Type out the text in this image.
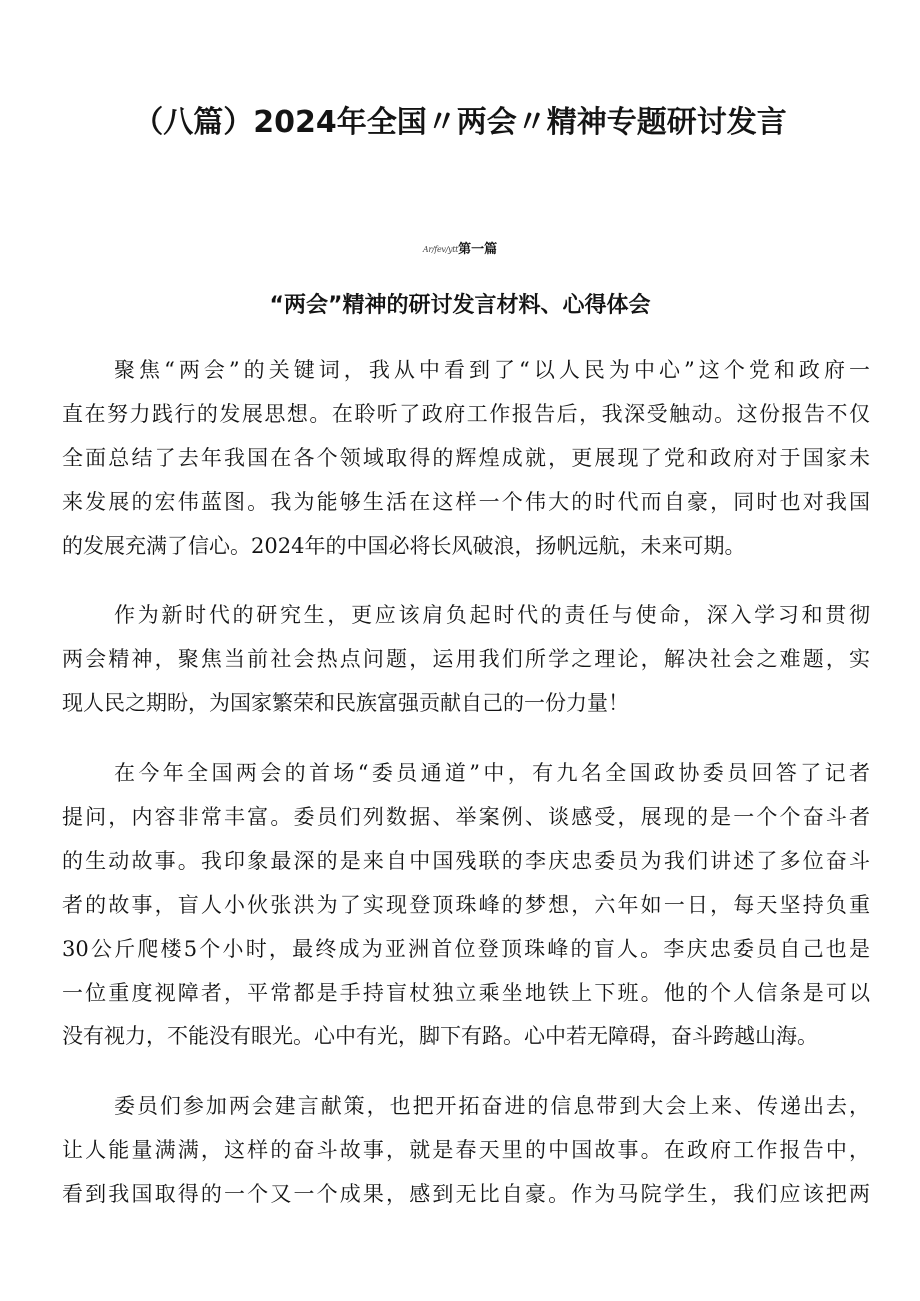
（八篇）2024年全国〃两会〃精神专题研讨发言
Ar/fev/ytt第一篇
“两会”精神的研讨发言材料、心得体会
聚焦“两会”的关键词，我从中看到了“以人民为中心”这个党和政府一
直在努力践行的发展思想。在聆听了政府工作报告后，我深受触动。这份报告不仅
全面总结了去年我国在各个领域取得的辉煌成就，更展现了党和政府对于国家未
来发展的宏伟蓝图。我为能够生活在这样一个伟大的时代而自豪，同时也对我国
的发展充满了信心。2024年的中国必将长风破浪，扬帆远航，未来可期。
作为新时代的研究生，更应该肩负起时代的责任与使命，深入学习和贯彻
两会精神，聚焦当前社会热点问题，运用我们所学之理论，解决社会之难题，实
现人民之期盼，为国家繁荣和民族富强贡献自己的一份力量！
在今年全国两会的首场“委员通道”中，有九名全国政协委员回答了记者
提问，内容非常丰富。委员们列数据、举案例、谈感受，展现的是一个个奋斗者
的生动故事。我印象最深的是来自中国残联的李庆忠委员为我们讲述了多位奋斗
者的故事，盲人小伙张洪为了实现登顶珠峰的梦想，六年如一日，每天坚持负重
30公斤爬楼5个小时，最终成为亚洲首位登顶珠峰的盲人。李庆忠委员自己也是
一位重度视障者，平常都是手持盲杖独立乘坐地铁上下班。他的个人信条是可以
没有视力，不能没有眼光。心中有光，脚下有路。心中若无障碍，奋斗跨越山海。
委员们参加两会建言献策，也把开拓奋进的信息带到大会上来、传递出去，
让人能量满满，这样的奋斗故事，就是春天里的中国故事。在政府工作报告中，
看到我国取得的一个又一个成果，感到无比自豪。作为马院学生，我们应该把两
